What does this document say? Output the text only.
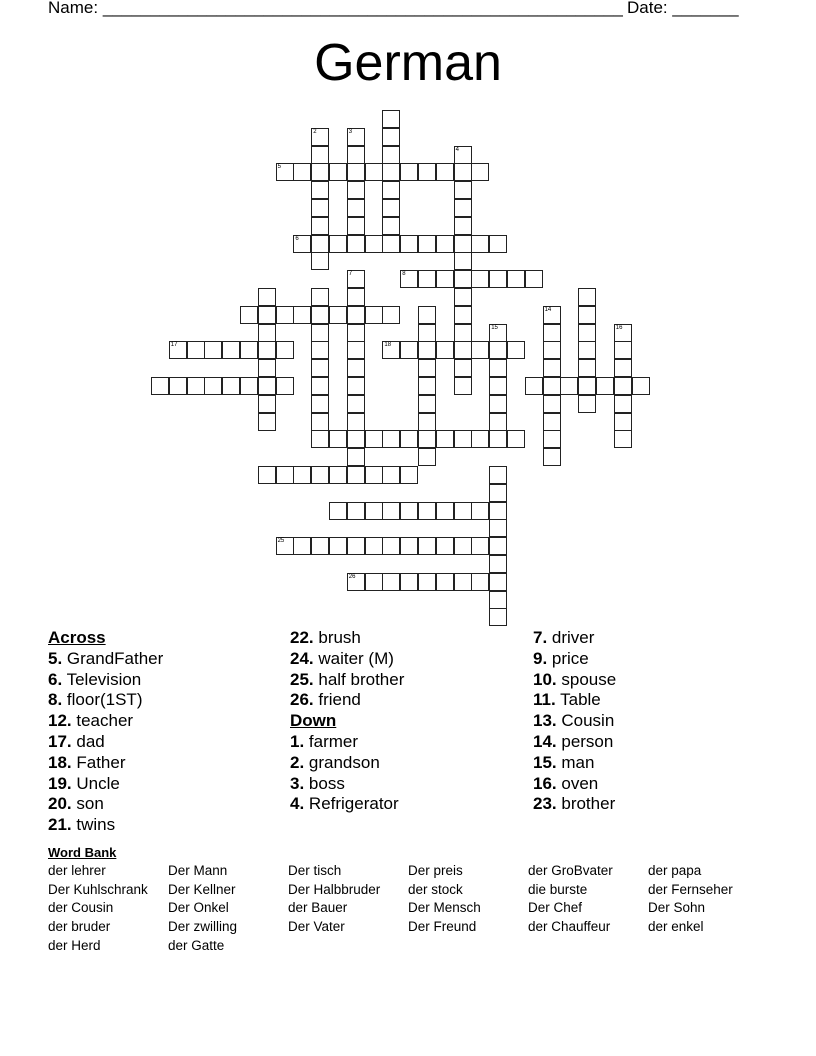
Name: _______________________________________________________ Date: _______
German
2	3
4
5
6
7	8
14
15	16
17	18
25
26
Across
5. GrandFather
6. Television
8. floor(1ST)
12. teacher
17. dad
18. Father
19. Uncle
20. son
21. twins
22. brush
24. waiter (M)
25. half brother
26. friend
Down
1. farmer
2. grandson
3. boss
4. Refrigerator
7. driver
9. price
10. spouse
11. Table
13. Cousin
14. person
15. man
16. oven
23. brother
Word Bank
der lehrer	Der Mann	Der tisch	Der preis	der GroBvater	der papa
Der Kuhlschrank	Der Kellner	Der Halbbruder	der stock	die burste	der Fernseher
der Cousin	Der Onkel	der Bauer	Der Mensch	Der Chef	Der Sohn
der bruder	Der zwilling	Der Vater	Der Freund	der Chauffeur	der enkel
der Herd	der Gatte
